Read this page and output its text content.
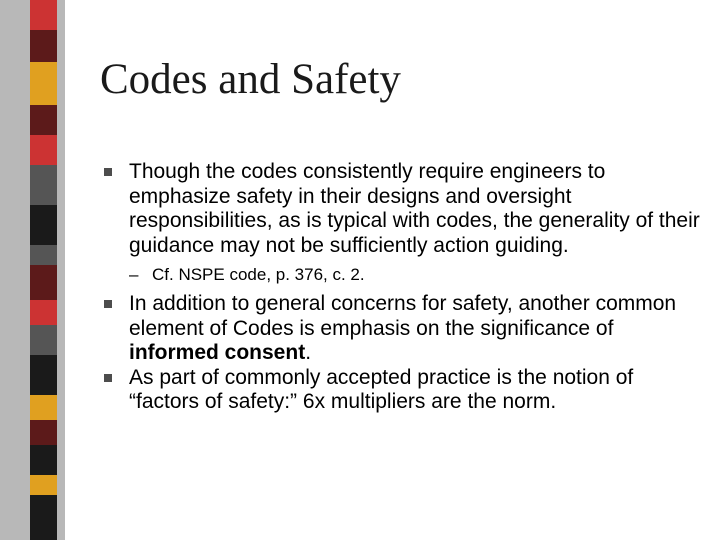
Codes and Safety
Though the codes consistently require engineers to emphasize safety in their designs and oversight responsibilities, as is typical with codes, the generality of their guidance may not be sufficiently action guiding.
– Cf. NSPE code, p. 376, c. 2.
In addition to general concerns for safety, another common element of Codes is emphasis on the significance of informed consent.
As part of commonly accepted practice is the notion of “factors of safety:” 6x multipliers are the norm.
